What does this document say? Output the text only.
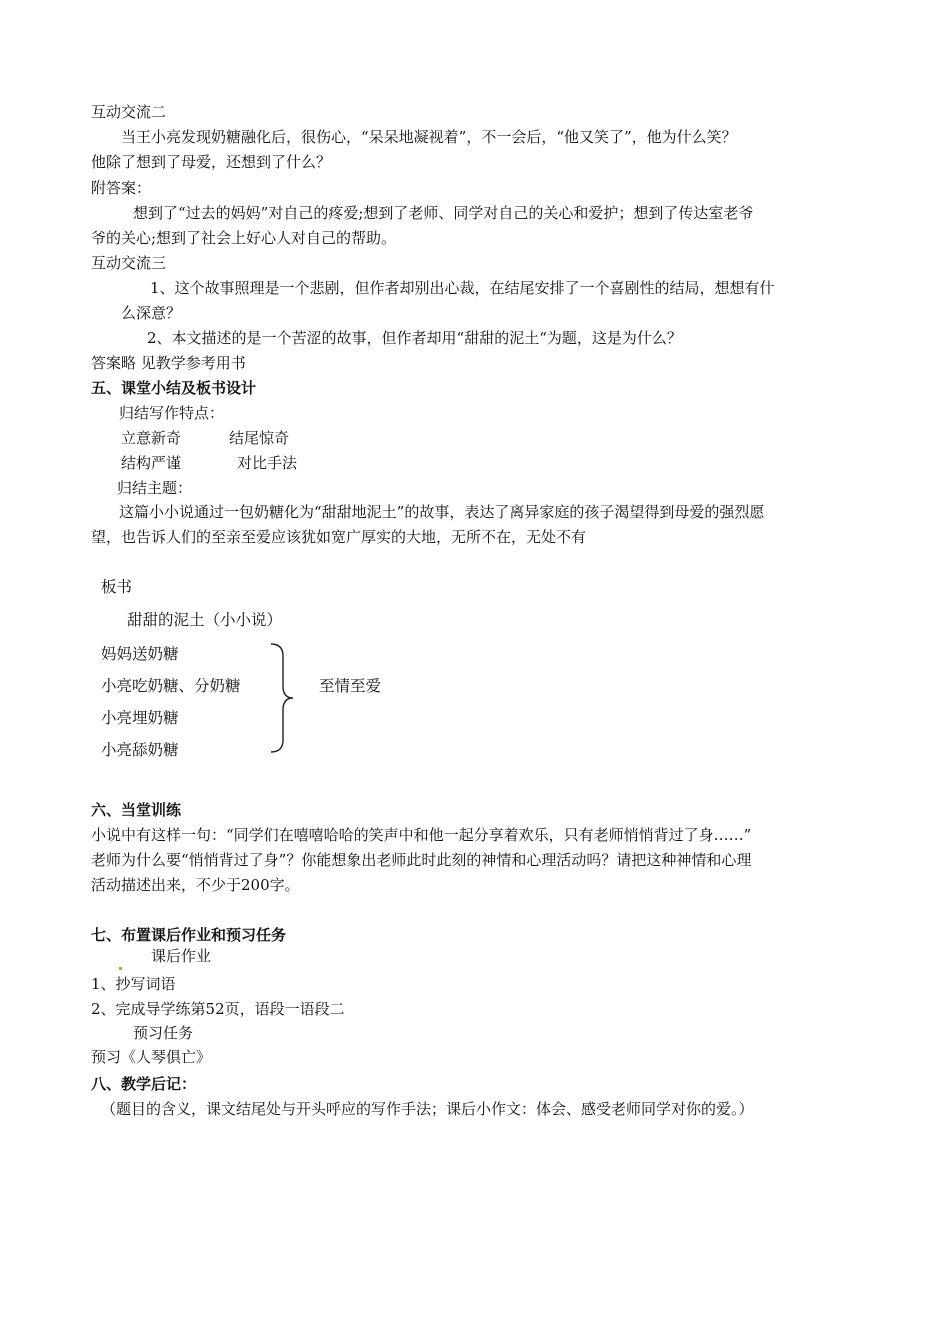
互动交流二
当王小亮发现奶糖融化后，很伤心，“呆呆地凝视着”，不一会后，“他又笑了”，他为什么笑？
他除了想到了母爱，还想到了什么？
附答案：
想到了“过去的妈妈”对自己的疼爱;想到了老师、同学对自己的关心和爱护；想到了传达室老爷
爷的关心;想到了社会上好心人对自己的帮助。
互动交流三
1、这个故事照理是一个悲剧，但作者却别出心裁，在结尾安排了一个喜剧性的结局，想想有什
么深意？
2、本文描述的是一个苦涩的故事，但作者却用“甜甜的泥土“为题，这是为什么？
答案略 见教学参考用书
五、课堂小结及板书设计
归结写作特点：
立意新奇	结尾惊奇
结构严谨	对比手法
归结主题：
这篇小小说通过一包奶糖化为“甜甜地泥土”的故事，表达了离异家庭的孩子渴望得到母爱的强烈愿
望，也告诉人们的至亲至爱应该犹如宽广厚实的大地，无所不在，无处不有
板书
甜甜的泥土（小小说）
妈妈送奶糖
小亮吃奶糖、分奶糖
小亮埋奶糖
小亮舔奶糖
至情至爱
六、当堂训练
小说中有这样一句：“同学们在嘻嘻哈哈的笑声中和他一起分享着欢乐，只有老师悄悄背过了身……”
老师为什么要“悄悄背过了身”？你能想象出老师此时此刻的神情和心理活动吗？请把这种神情和心理
活动描述出来，不少于200字。
七、布置课后作业和预习任务
课后作业
1、抄写词语
2、完成导学练第52页，语段一语段二
预习任务
预习《人琴俱亡》
八、教学后记：
（题目的含义，课文结尾处与开头呼应的写作手法；课后小作文：体会、感受老师同学对你的爱。）
